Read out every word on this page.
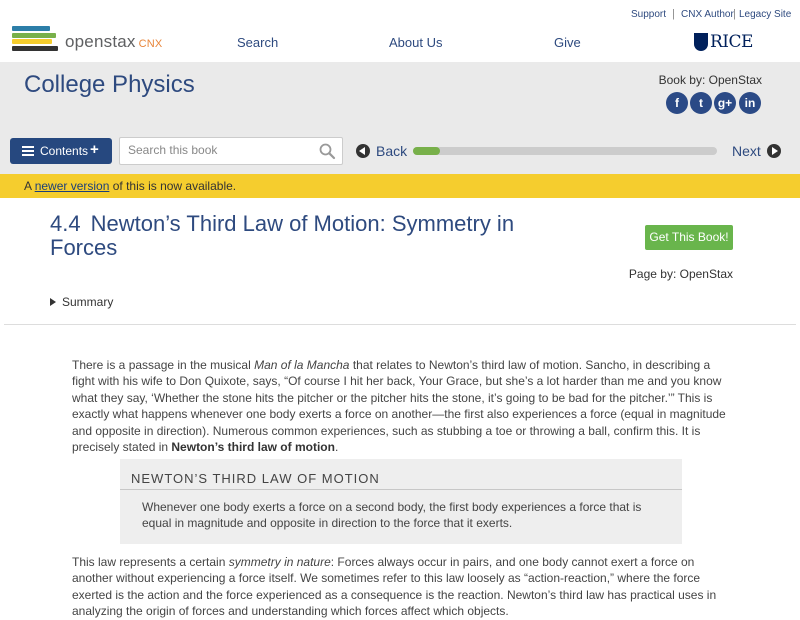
openstax CNX	Search	About Us	Give
Support | CNX Author | Legacy Site
RICE
College Physics	Book by: OpenStax
f	t	g+	in
Contents +
Search this book	Back	Next
A newer version of this is now available.
4.4 Newton’s Third Law of Motion: Symmetry in Forces	Get This Book!
Page by: OpenStax
Summary

There is a passage in the musical Man of la Mancha that relates to Newton’s third law of motion. Sancho, in describing a fight with his wife to Don Quixote, says, “Of course I hit her back, Your Grace, but she’s a lot harder than me and you know what they say, ‘Whether the stone hits the pitcher or the pitcher hits the stone, it’s going to be bad for the pitcher.’” This is exactly what happens whenever one body exerts a force on another—the first also experiences a force (equal in magnitude and opposite in direction). Numerous common experiences, such as stubbing a toe or throwing a ball, confirm this. It is precisely stated in Newton’s third law of motion.

NEWTON’S THIRD LAW OF MOTION

Whenever one body exerts a force on a second body, the first body experiences a force that is equal in magnitude and opposite in direction to the force that it exerts.

This law represents a certain symmetry in nature: Forces always occur in pairs, and one body cannot exert a force on another without experiencing a force itself. We sometimes refer to this law loosely as “action-reaction,” where the force exerted is the action and the force experienced as a consequence is the reaction. Newton’s third law has practical uses in analyzing the origin of forces and understanding which forces affect which objects.
